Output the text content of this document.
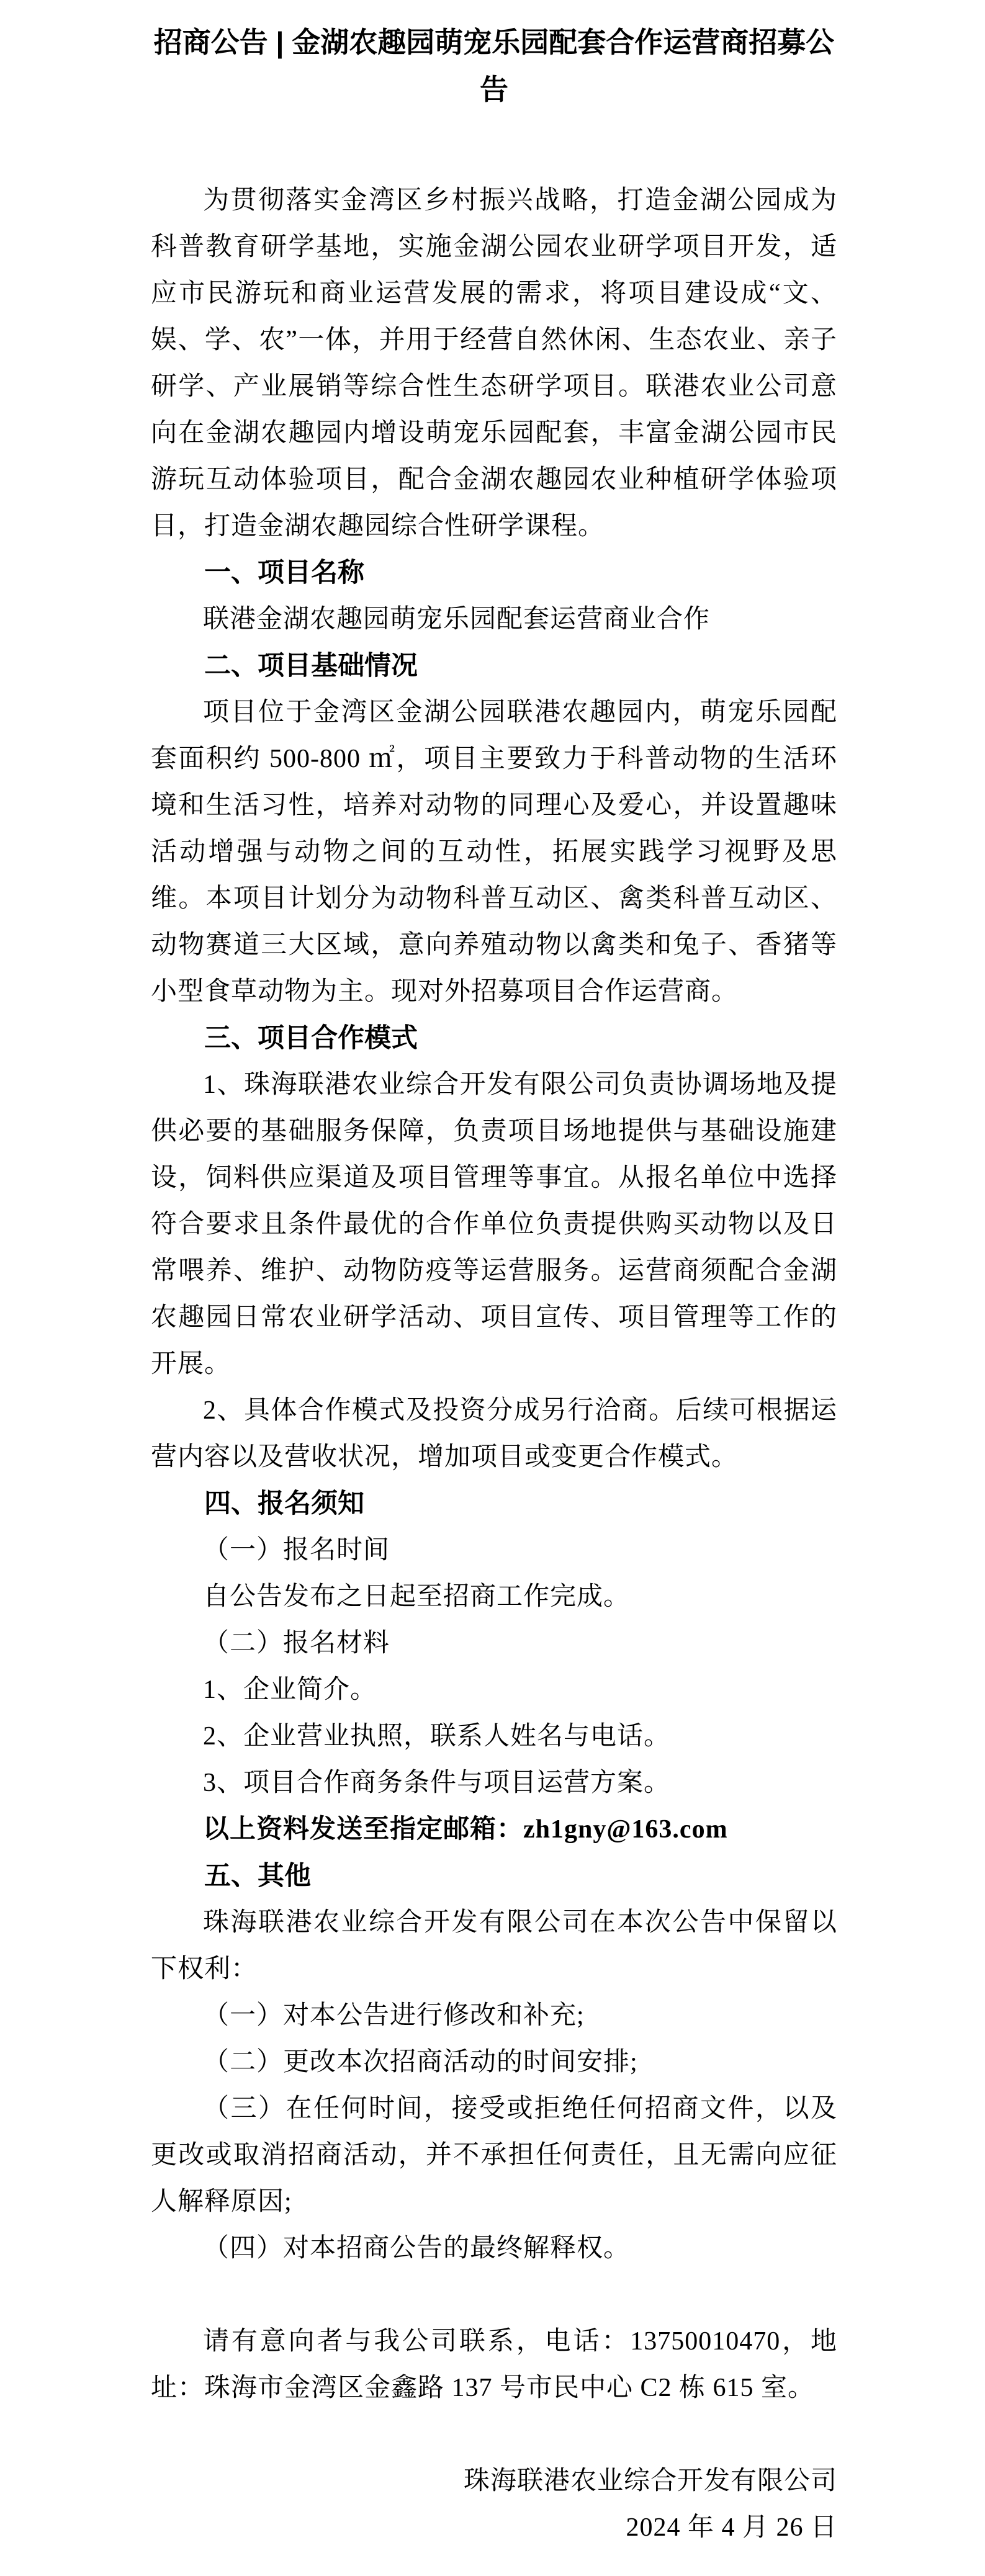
招商公告 | 金湖农趣园萌宠乐园配套合作运营商招募公告

为贯彻落实金湾区乡村振兴战略，打造金湖公园成为科普教育研学基地，实施金湖公园农业研学项目开发，适应市民游玩和商业运营发展的需求，将项目建设成“文、娱、学、农”一体，并用于经营自然休闲、生态农业、亲子研学、产业展销等综合性生态研学项目。联港农业公司意向在金湖农趣园内增设萌宠乐园配套，丰富金湖公园市民游玩互动体验项目，配合金湖农趣园农业种植研学体验项目，打造金湖农趣园综合性研学课程。

一、项目名称

联港金湖农趣园萌宠乐园配套运营商业合作

二、项目基础情况

项目位于金湾区金湖公园联港农趣园内，萌宠乐园配套面积约 500-800 ㎡，项目主要致力于科普动物的生活环境和生活习性，培养对动物的同理心及爱心，并设置趣味活动增强与动物之间的互动性，拓展实践学习视野及思维。本项目计划分为动物科普互动区、禽类科普互动区、动物赛道三大区域，意向养殖动物以禽类和兔子、香猪等小型食草动物为主。现对外招募项目合作运营商。

三、项目合作模式

1、珠海联港农业综合开发有限公司负责协调场地及提供必要的基础服务保障，负责项目场地提供与基础设施建设，饲料供应渠道及项目管理等事宜。从报名单位中选择符合要求且条件最优的合作单位负责提供购买动物以及日常喂养、维护、动物防疫等运营服务。运营商须配合金湖农趣园日常农业研学活动、项目宣传、项目管理等工作的开展。

2、具体合作模式及投资分成另行洽商。后续可根据运营内容以及营收状况，增加项目或变更合作模式。

四、报名须知

（一）报名时间

自公告发布之日起至招商工作完成。

（二）报名材料

1、企业简介。

2、企业营业执照，联系人姓名与电话。

3、项目合作商务条件与项目运营方案。

以上资料发送至指定邮箱：zh1gny@163.com

五、其他

珠海联港农业综合开发有限公司在本次公告中保留以下权利：

（一）对本公告进行修改和补充;

（二）更改本次招商活动的时间安排;

（三）在任何时间，接受或拒绝任何招商文件，以及更改或取消招商活动，并不承担任何责任，且无需向应征人解释原因;

（四）对本招商公告的最终解释权。

请有意向者与我公司联系，电话：13750010470，地址：珠海市金湾区金鑫路 137 号市民中心 C2 栋 615 室。

珠海联港农业综合开发有限公司

2024 年 4 月 26 日
